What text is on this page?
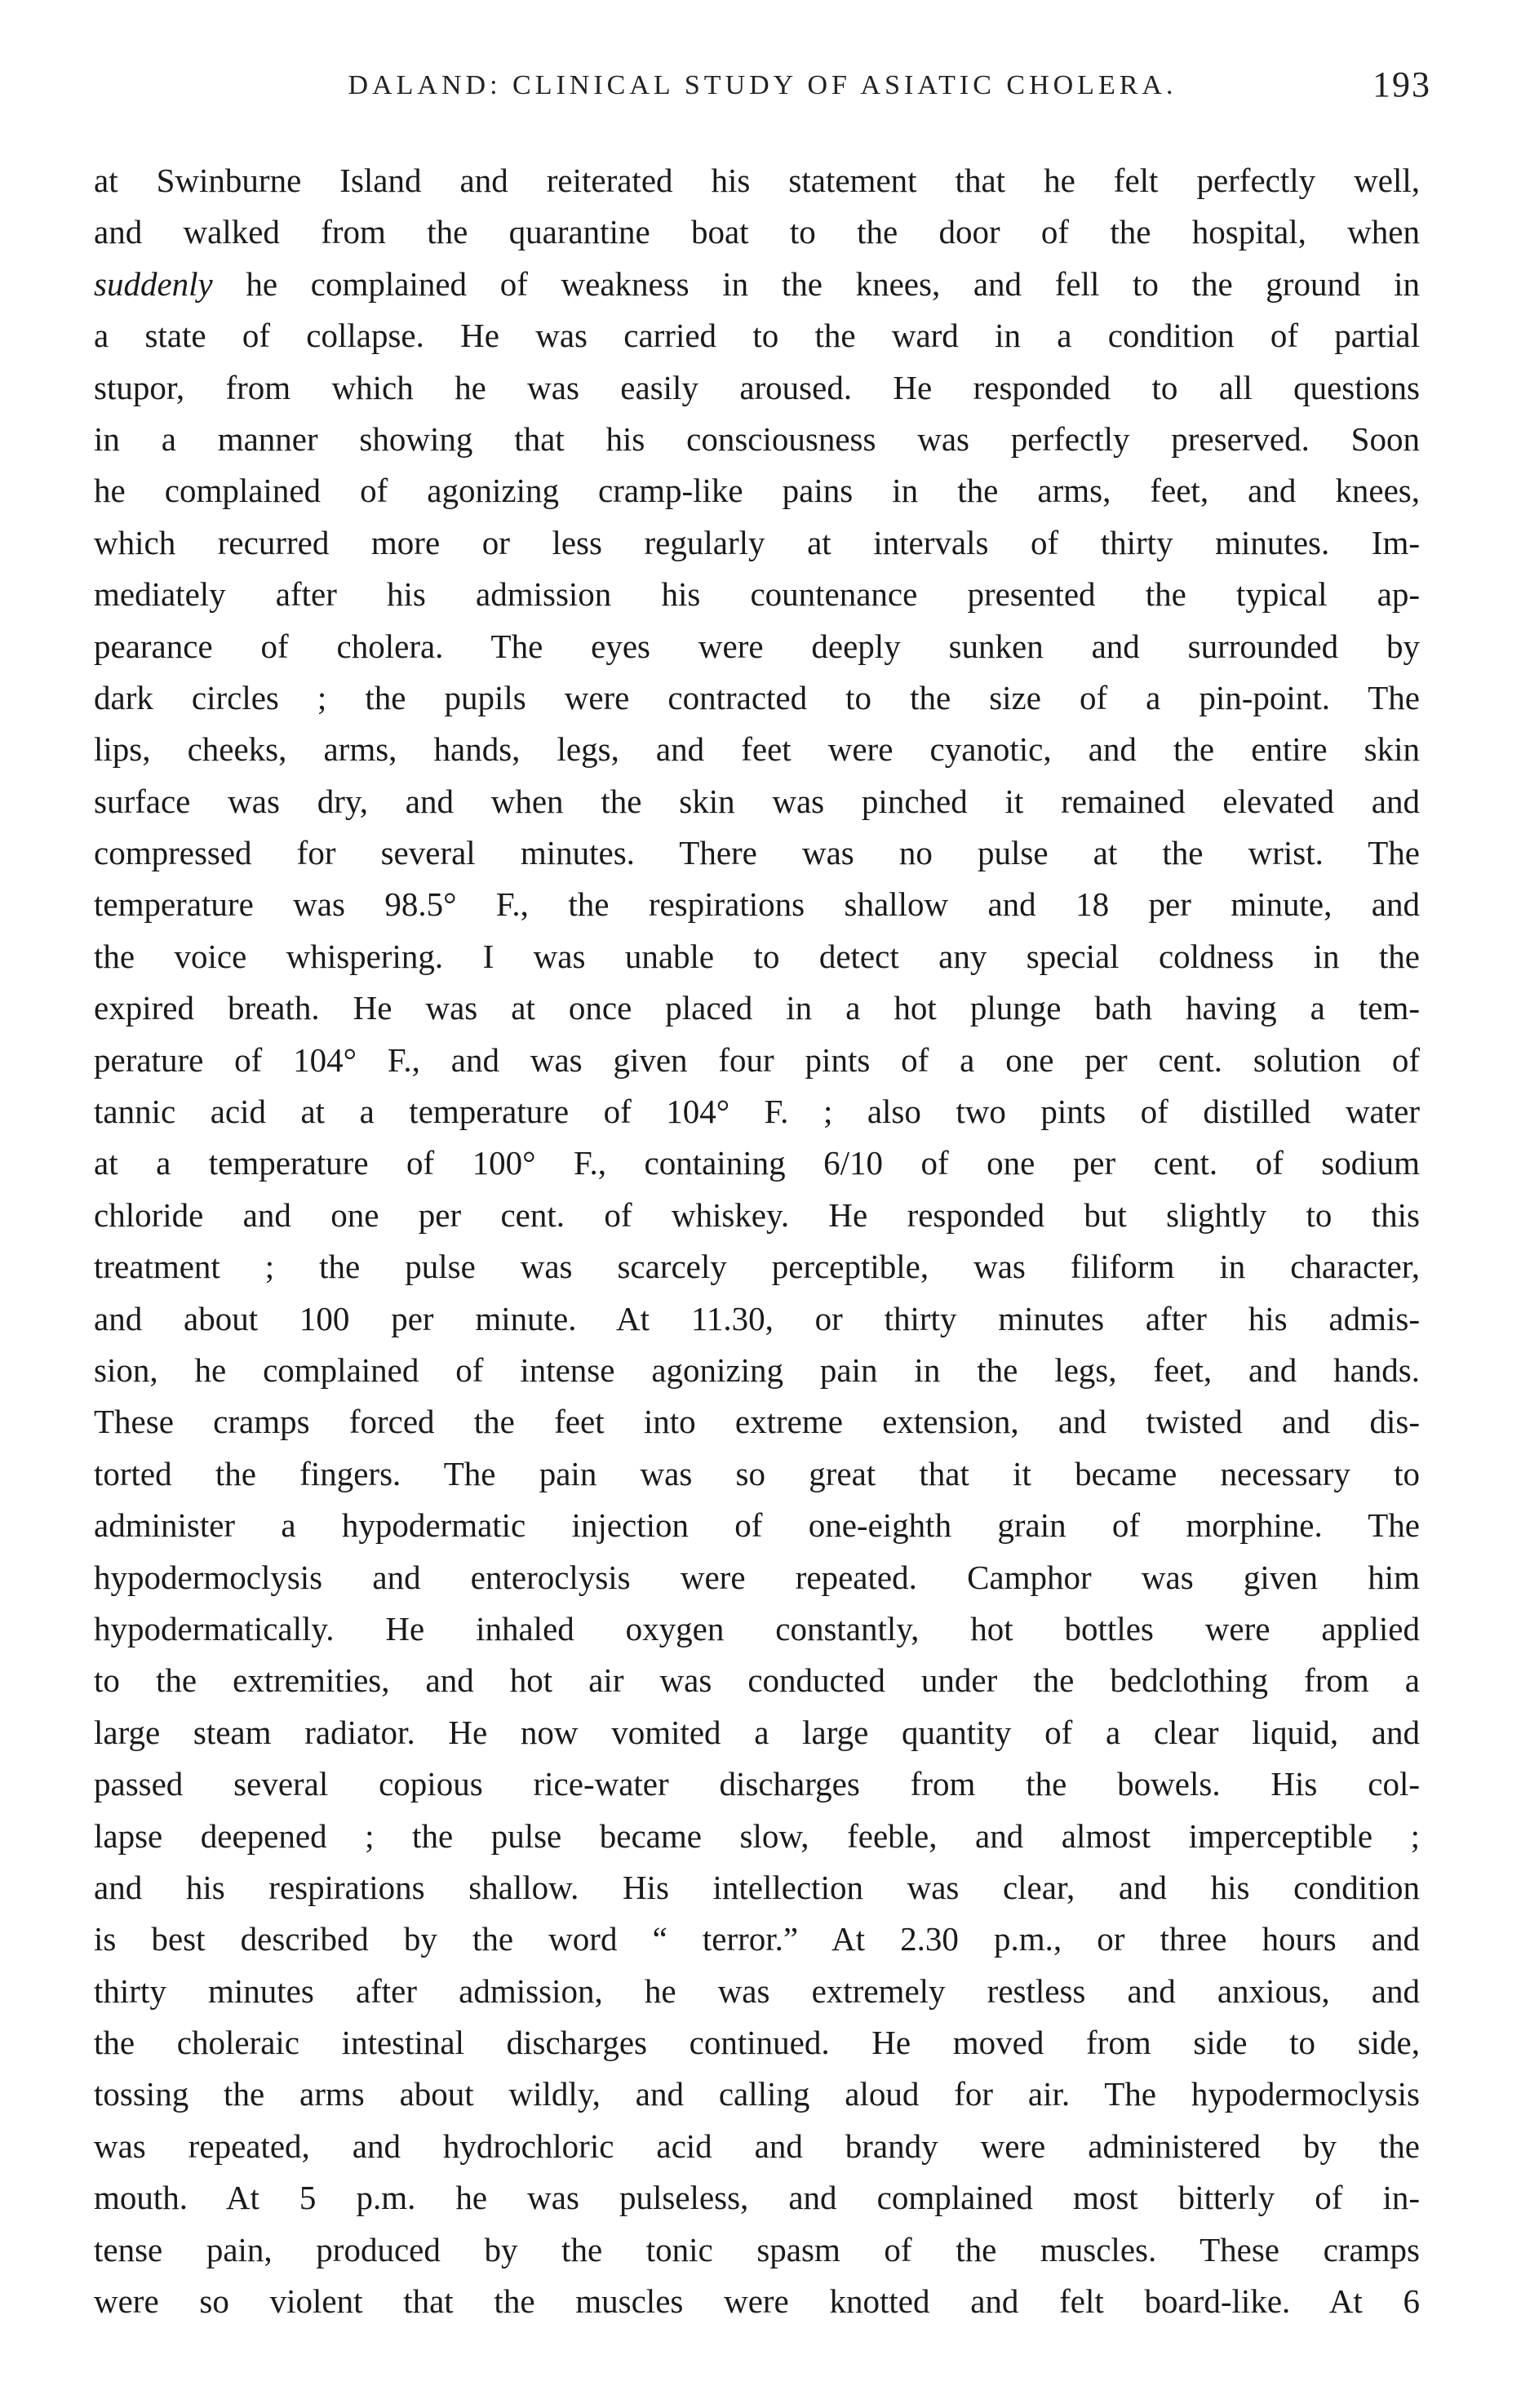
DALAND: CLINICAL STUDY OF ASIATIC CHOLERA.	193
at Swinburne Island and reiterated his statement that he felt perfectly well,
and walked from the quarantine boat to the door of the hospital, when
suddenly he complained of weakness in the knees, and fell to the ground in
a state of collapse. He was carried to the ward in a condition of partial
stupor, from which he was easily aroused. He responded to all questions
in a manner showing that his consciousness was perfectly preserved. Soon
he complained of agonizing cramp-like pains in the arms, feet, and knees,
which recurred more or less regularly at intervals of thirty minutes. Im-
mediately after his admission his countenance presented the typical ap-
pearance of cholera. The eyes were deeply sunken and surrounded by
dark circles ; the pupils were contracted to the size of a pin-point. The
lips, cheeks, arms, hands, legs, and feet were cyanotic, and the entire skin
surface was dry, and when the skin was pinched it remained elevated and
compressed for several minutes. There was no pulse at the wrist. The
temperature was 98.5° F., the respirations shallow and 18 per minute, and
the voice whispering. I was unable to detect any special coldness in the
expired breath. He was at once placed in a hot plunge bath having a tem-
perature of 104° F., and was given four pints of a one per cent. solution of
tannic acid at a temperature of 104° F. ; also two pints of distilled water
at a temperature of 100° F., containing 6/10 of one per cent. of sodium
chloride and one per cent. of whiskey. He responded but slightly to this
treatment ; the pulse was scarcely perceptible, was filiform in character,
and about 100 per minute. At 11.30, or thirty minutes after his admis-
sion, he complained of intense agonizing pain in the legs, feet, and hands.
These cramps forced the feet into extreme extension, and twisted and dis-
torted the fingers. The pain was so great that it became necessary to
administer a hypodermatic injection of one-eighth grain of morphine. The
hypodermoclysis and enteroclysis were repeated. Camphor was given him
hypodermatically. He inhaled oxygen constantly, hot bottles were applied
to the extremities, and hot air was conducted under the bedclothing from a
large steam radiator. He now vomited a large quantity of a clear liquid, and
passed several copious rice-water discharges from the bowels. His col-
lapse deepened ; the pulse became slow, feeble, and almost imperceptible ;
and his respirations shallow. His intellection was clear, and his condition
is best described by the word “ terror.” At 2.30 p.m., or three hours and
thirty minutes after admission, he was extremely restless and anxious, and
the choleraic intestinal discharges continued. He moved from side to side,
tossing the arms about wildly, and calling aloud for air. The hypodermoclysis
was repeated, and hydrochloric acid and brandy were administered by the
mouth. At 5 p.m. he was pulseless, and complained most bitterly of in-
tense pain, produced by the tonic spasm of the muscles. These cramps
were so violent that the muscles were knotted and felt board-like. At 6
